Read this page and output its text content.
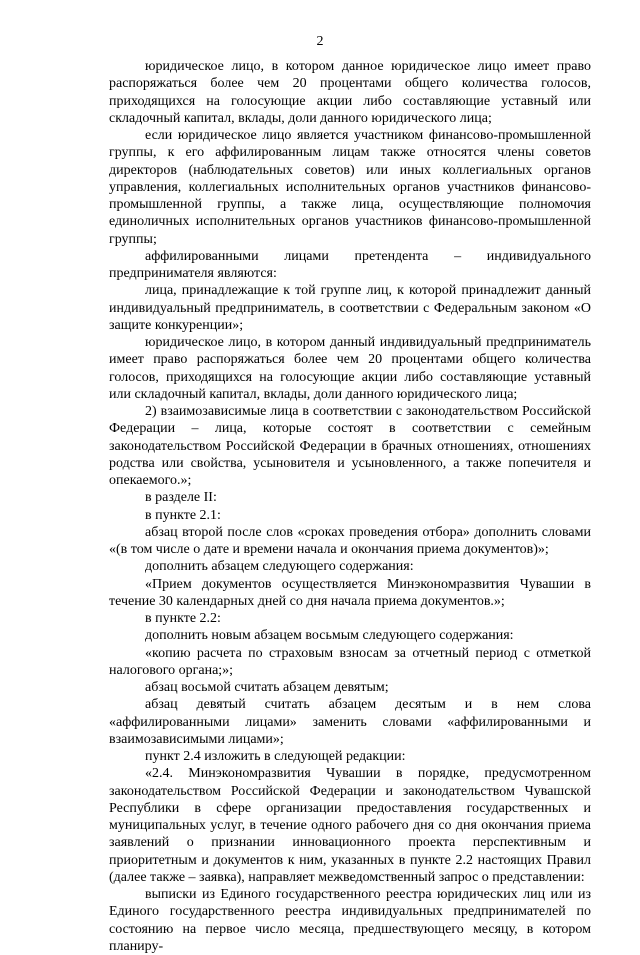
2

юридическое лицо, в котором данное юридическое лицо имеет право распоряжаться более чем 20 процентами общего количества голосов, приходящихся на голосующие акции либо составляющие уставный или складочный капитал, вклады, доли данного юридического лица;

если юридическое лицо является участником финансово-промышленной группы, к его аффилированным лицам также относятся члены советов директоров (наблюдательных советов) или иных коллегиальных органов управления, коллегиальных исполнительных органов участников финансово-промышленной группы, а также лица, осуществляющие полномочия единоличных исполнительных органов участников финансово-промышленной группы;

аффилированными лицами претендента – индивидуального предпринимателя являются:

лица, принадлежащие к той группе лиц, к которой принадлежит данный индивидуальный предприниматель, в соответствии с Федеральным законом «О защите конкуренции»;

юридическое лицо, в котором данный индивидуальный предприниматель имеет право распоряжаться более чем 20 процентами общего количества голосов, приходящихся на голосующие акции либо составляющие уставный или складочный капитал, вклады, доли данного юридического лица;

2) взаимозависимые лица в соответствии с законодательством Российской Федерации – лица, которые состоят в соответствии с семейным законодательством Российской Федерации в брачных отношениях, отношениях родства или свойства, усыновителя и усыновленного, а также попечителя и опекаемого.»;

в разделе II:

в пункте 2.1:

абзац второй после слов «сроках проведения отбора» дополнить словами «(в том числе о дате и времени начала и окончания приема документов)»;

дополнить абзацем следующего содержания:

«Прием документов осуществляется Минэкономразвития Чувашии в течение 30 календарных дней со дня начала приема документов.»;

в пункте 2.2:

дополнить новым абзацем восьмым следующего содержания:

«копию расчета по страховым взносам за отчетный период с отметкой налогового органа;»;

абзац восьмой считать абзацем девятым;

абзац девятый считать абзацем десятым и в нем слова «аффилированными лицами» заменить словами «аффилированными и взаимозависимыми лицами»;

пункт 2.4 изложить в следующей редакции:

«2.4. Минэкономразвития Чувашии в порядке, предусмотренном законодательством Российской Федерации и законодательством Чувашской Республики в сфере организации предоставления государственных и муниципальных услуг, в течение одного рабочего дня со дня окончания приема заявлений о признании инновационного проекта перспективным и приоритетным и документов к ним, указанных в пункте 2.2 настоящих Правил (далее также – заявка), направляет межведомственный запрос о представлении:

выписки из Единого государственного реестра юридических лиц или из Единого государственного реестра индивидуальных предпринимателей по состоянию на первое число месяца, предшествующего месяцу, в котором планиру-
